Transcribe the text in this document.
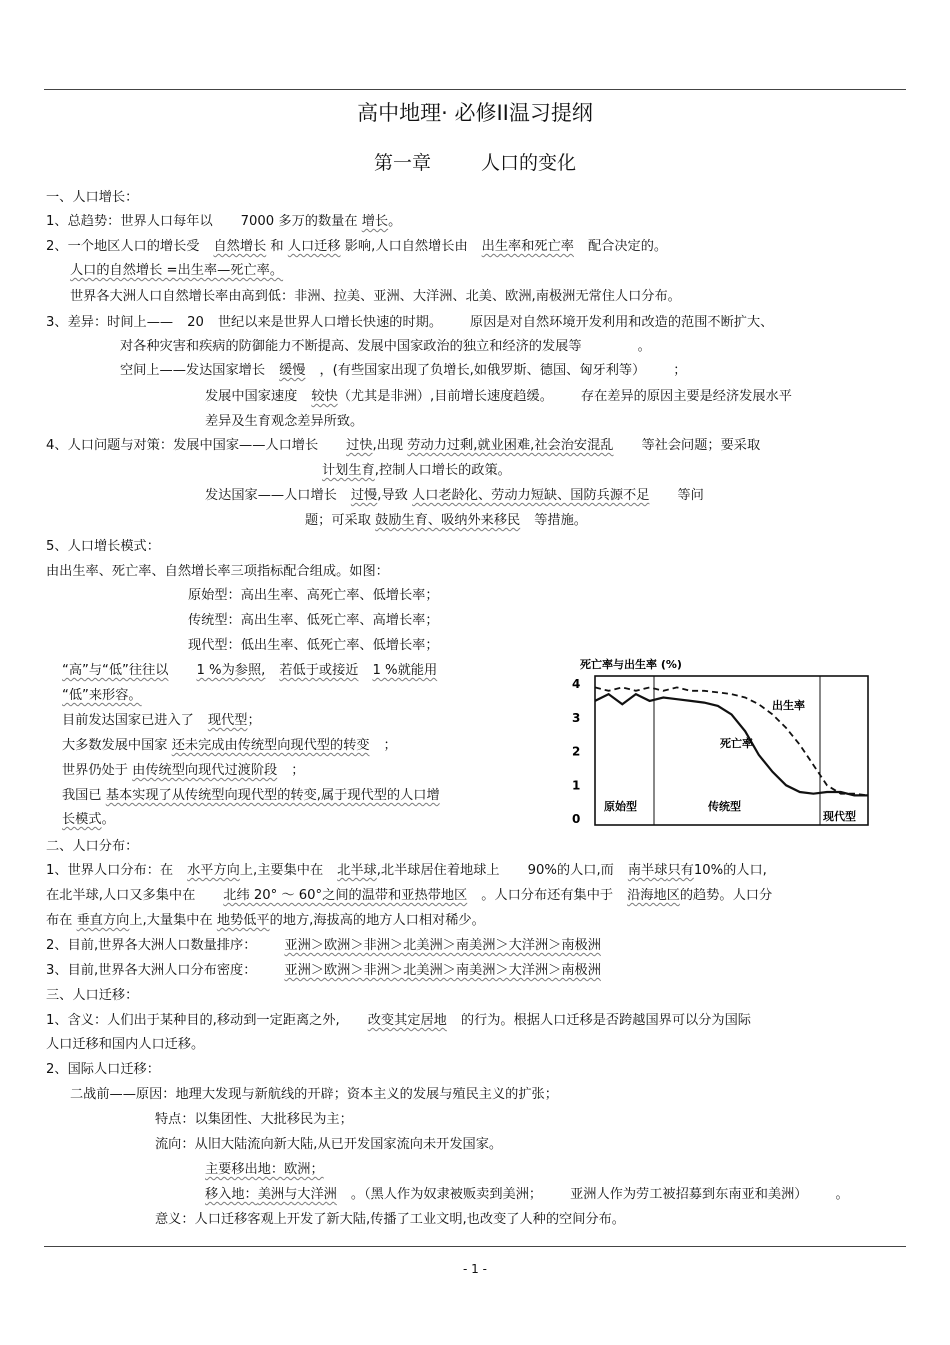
高中地理· 必修II温习提纲
第一章	人口的变化
一、人口增长：
1、总趋势：世界人口每年以 7000 多万的数量在 增长。
2、一个地区人口的增长受 自然增长 和 人口迁移 影响,人口自然增长由 出生率和死亡率 配合决定的。
人口的自然增长 =出生率—死亡率。
世界各大洲人口自然增长率由高到低：非洲、拉美、亚洲、大洋洲、北美、欧洲,南极洲无常住人口分布。
3、差异：时间上—— 20 世纪以来是世界人口增长快速的时期。 原因是对自然环境开发利用和改造的范围不断扩大、
对各种灾害和疾病的防御能力不断提高、发展中国家政治的独立和经济的发展等	。
空间上——发达国家增长 缓慢 ，(有些国家出现了负增长,如俄罗斯、德国、匈牙利等） ；
发展中国家速度 较快（尤其是非洲）,目前增长速度趋缓。 存在差异的原因主要是经济发展水平
差异及生育观念差异所致。
4、人口问题与对策：发展中国家——人口增长 过快,出现 劳动力过剩,就业困难,社会治安混乱 等社会问题；要采取
计划生育,控制人口增长的政策。
发达国家——人口增长 过慢,导致 人口老龄化、劳动力短缺、国防兵源不足 等问
题；可采取 鼓励生育、吸纳外来移民 等措施。
5、人口增长模式：
由出生率、死亡率、自然增长率三项指标配合组成。如图：
原始型：高出生率、高死亡率、低增长率；
传统型：高出生率、低死亡率、高增长率；
现代型：低出生率、低死亡率、低增长率；
“高”与“低”往往以 1 %为参照, 若低于或接近 1 %就能用
“低”来形容。
目前发达国家已进入了 现代型；
大多数发展中国家 还未完成由传统型向现代型的转变 ；
世界仍处于 由传统型向现代过渡阶段 ；
我国已 基本实现了从传统型向现代型的转变,属于现代型的人口增
长模式。
死亡率与出生率 (%)
0
1
2
3
4
出生率
死亡率
原始型	传统型
现代型
二、人口分布：
1、世界人口分布：在 水平方向上,主要集中在 北半球,北半球居住着地球上 90%的人口,而 南半球只有10%的人口,
在北半球,人口又多集中在 北纬 20° ～ 60°之间的温带和亚热带地区 。人口分布还有集中于 沿海地区的趋势。人口分
布在 垂直方向上,大量集中在 地势低平的地方,海拔高的地方人口相对稀少。
2、目前,世界各大洲人口数量排序： 亚洲＞欧洲＞非洲＞北美洲＞南美洲＞大洋洲＞南极洲
3、目前,世界各大洲人口分布密度： 亚洲＞欧洲＞非洲＞北美洲＞南美洲＞大洋洲＞南极洲
三、人口迁移：
1、含义：人们出于某种目的,移动到一定距离之外, 改变其定居地 的行为。根据人口迁移是否跨越国界可以分为国际
人口迁移和国内人口迁移。
2、国际人口迁移：
二战前——原因：地理大发现与新航线的开辟；资本主义的发展与殖民主义的扩张；
特点：以集团性、大批移民为主；
流向：从旧大陆流向新大陆,从已开发国家流向未开发国家。
主要移出地：欧洲；
移入地：美洲与大洋洲 。（黑人作为奴隶被贩卖到美洲； 亚洲人作为劳工被招募到东南亚和美洲） 。
意义：人口迁移客观上开发了新大陆,传播了工业文明,也改变了人种的空间分布。
- 1 -
